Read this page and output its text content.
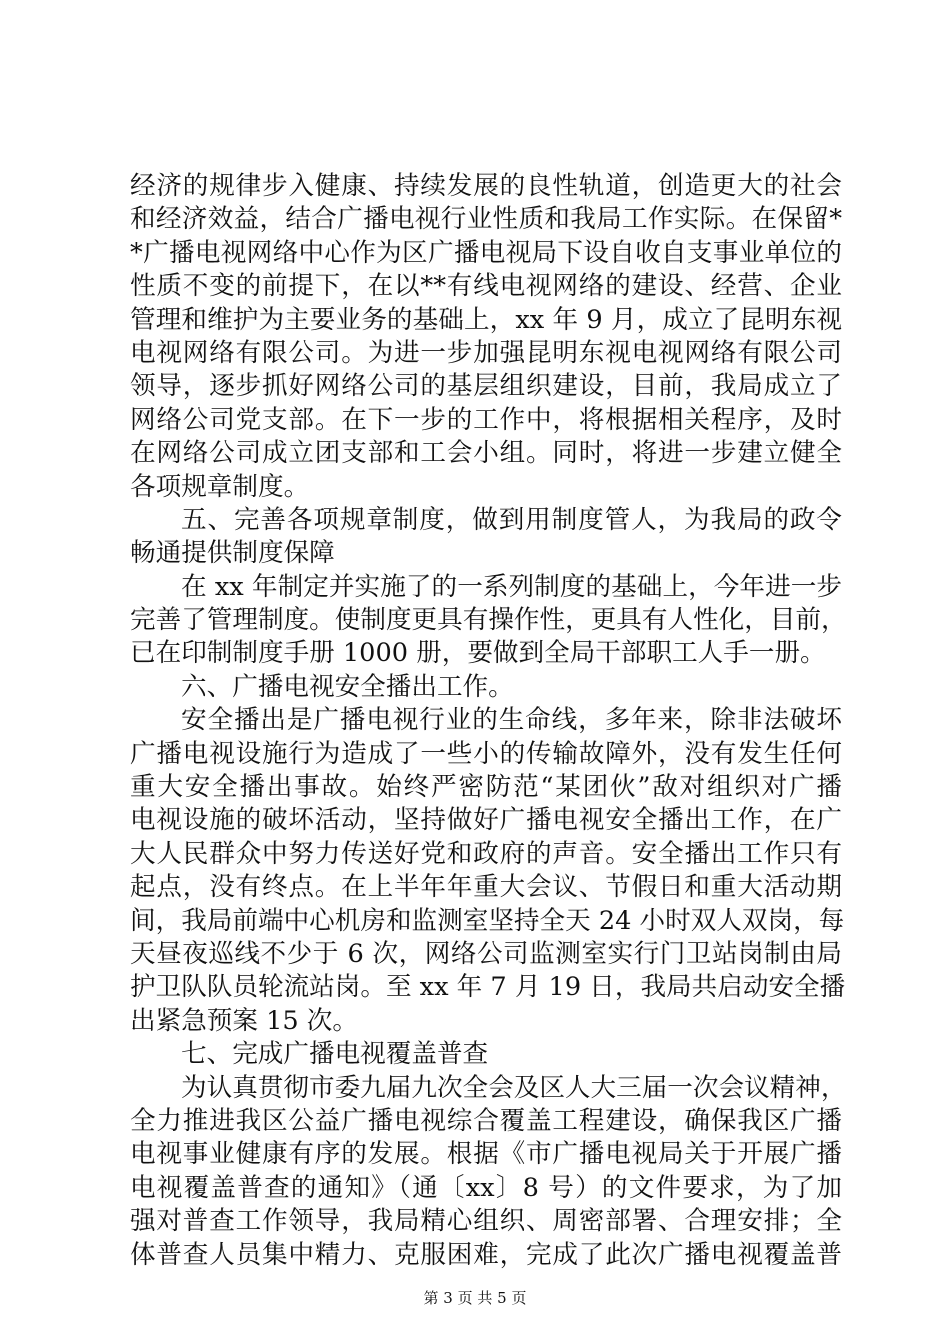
经济的规律步入健康、持续发展的良性轨道，创造更大的社会
和经济效益，结合广播电视行业性质和我局工作实际。在保留*
*广播电视网络中心作为区广播电视局下设自收自支事业单位的
性质不变的前提下，在以**有线电视网络的建设、经营、企业
管理和维护为主要业务的基础上，xx 年 9 月，成立了昆明东视
电视网络有限公司。为进一步加强昆明东视电视网络有限公司
领导，逐步抓好网络公司的基层组织建设，目前，我局成立了
网络公司党支部。在下一步的工作中，将根据相关程序，及时
在网络公司成立团支部和工会小组。同时，将进一步建立健全
各项规章制度。
五、完善各项规章制度，做到用制度管人，为我局的政令
畅通提供制度保障
在 xx 年制定并实施了的一系列制度的基础上，今年进一步
完善了管理制度。使制度更具有操作性，更具有人性化，目前，
已在印制制度手册 1000 册，要做到全局干部职工人手一册。
六、广播电视安全播出工作。
安全播出是广播电视行业的生命线，多年来，除非法破坏
广播电视设施行为造成了一些小的传输故障外，没有发生任何
重大安全播出事故。始终严密防范“某团伙”敌对组织对广播
电视设施的破坏活动，坚持做好广播电视安全播出工作，在广
大人民群众中努力传送好党和政府的声音。安全播出工作只有
起点，没有终点。在上半年年重大会议、节假日和重大活动期
间，我局前端中心机房和监测室坚持全天 24 小时双人双岗，每
天昼夜巡线不少于 6 次，网络公司监测室实行门卫站岗制由局
护卫队队员轮流站岗。至 xx 年 7 月 19 日，我局共启动安全播
出紧急预案 15 次。
七、完成广播电视覆盖普查
为认真贯彻市委九届九次全会及区人大三届一次会议精神，
全力推进我区公益广播电视综合覆盖工程建设，确保我区广播
电视事业健康有序的发展。根据《市广播电视局关于开展广播
电视覆盖普查的通知》（通〔xx〕8 号）的文件要求，为了加
强对普查工作领导，我局精心组织、周密部署、合理安排；全
体普查人员集中精力、克服困难，完成了此次广播电视覆盖普
第 3 页 共 5 页
